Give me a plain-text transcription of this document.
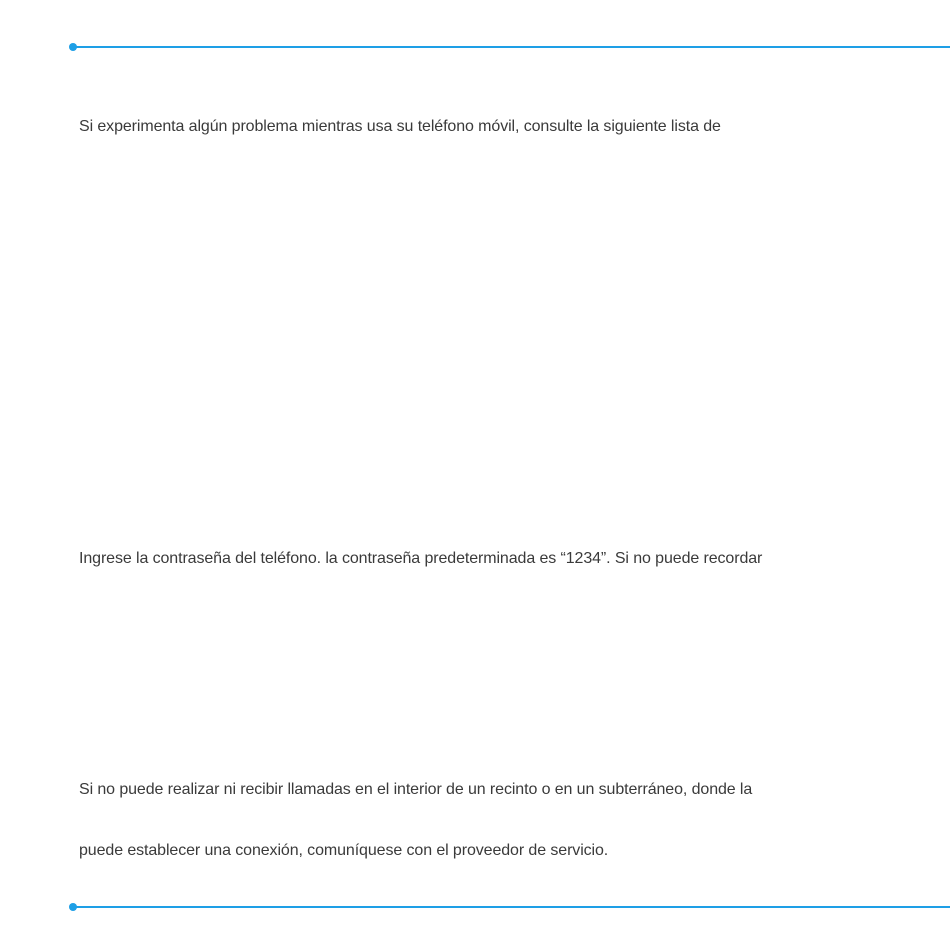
Si experimenta algún problema mientras usa su teléfono móvil, consulte la siguiente lista de

Ingrese la contraseña del teléfono. la contraseña predeterminada es “1234”. Si no puede recordar

Si no puede realizar ni recibir llamadas en el interior de un recinto o en un subterráneo, donde la

puede establecer una conexión, comuníquese con el proveedor de servicio.
